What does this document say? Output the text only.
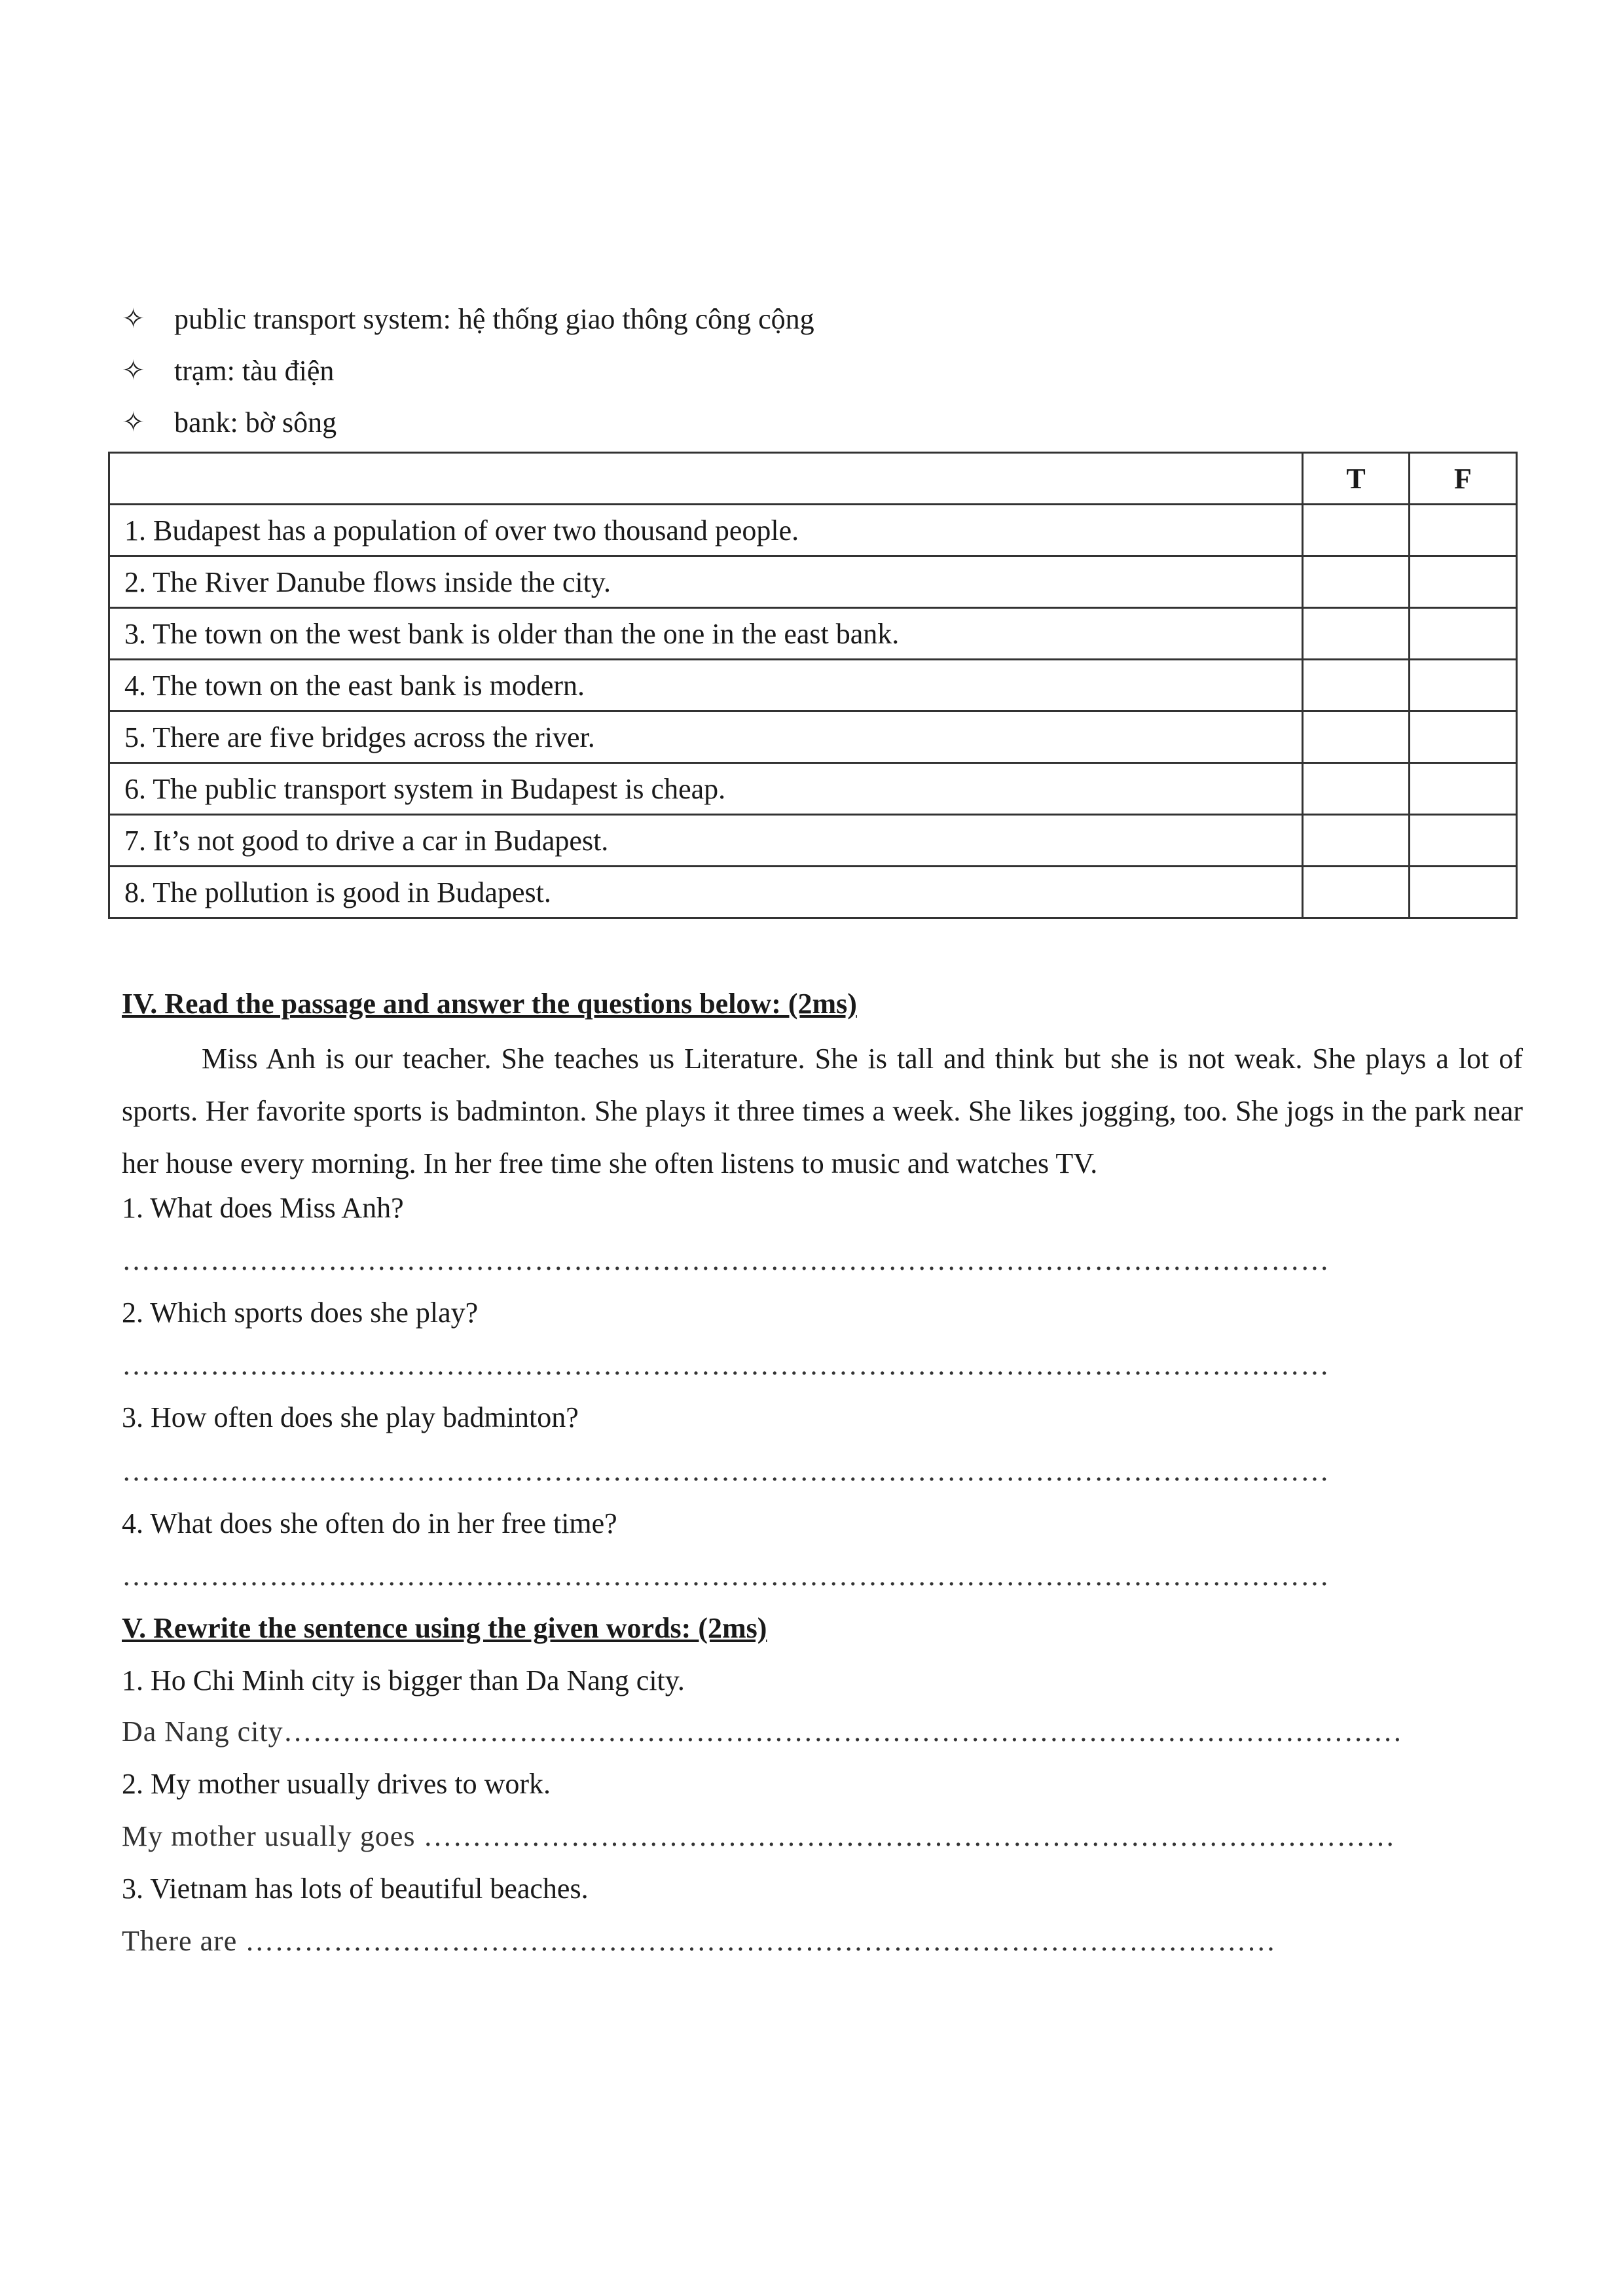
✧	public transport system: hệ thống giao thông công cộng
✧	trạm: tàu điện
✧	bank: bờ sông
	T	F
1. Budapest has a population of over two thousand people.		
2. The River Danube flows inside the city.		
3. The town on the west bank is older than the one in the east bank.		
4. The town on the east bank is modern.		
5. There are five bridges across the river.		
6. The public transport system in Budapest is cheap.		
7. It’s not good to drive a car in Budapest.		
8. The pollution is good in Budapest.		
IV. Read the passage and answer the questions below: (2ms)
Miss Anh is our teacher. She teaches us Literature. She is tall and think but she is not weak. She plays a lot of sports. Her favorite sports is badminton. She plays it three times a week. She likes jogging, too. She jogs in the park near her house every morning. In her free time she often listens to music and watches TV.
1. What does Miss Anh?
……………………………………………………………………………………………………………
2. Which sports does she play?
……………………………………………………………………………………………………………
3. How often does she play badminton?
……………………………………………………………………………………………………………
4. What does she often do in her free time?
……………………………………………………………………………………………………………
V. Rewrite the sentence using the given words: (2ms)
1. Ho Chi Minh city is bigger than Da Nang city.
Da Nang city……………………………………………………………………………………………………
2. My mother usually drives to work.
My mother usually goes ………………………………………………………………………………………
3. Vietnam has lots of beautiful beaches.
There are ……………………………………………………………………………………………
